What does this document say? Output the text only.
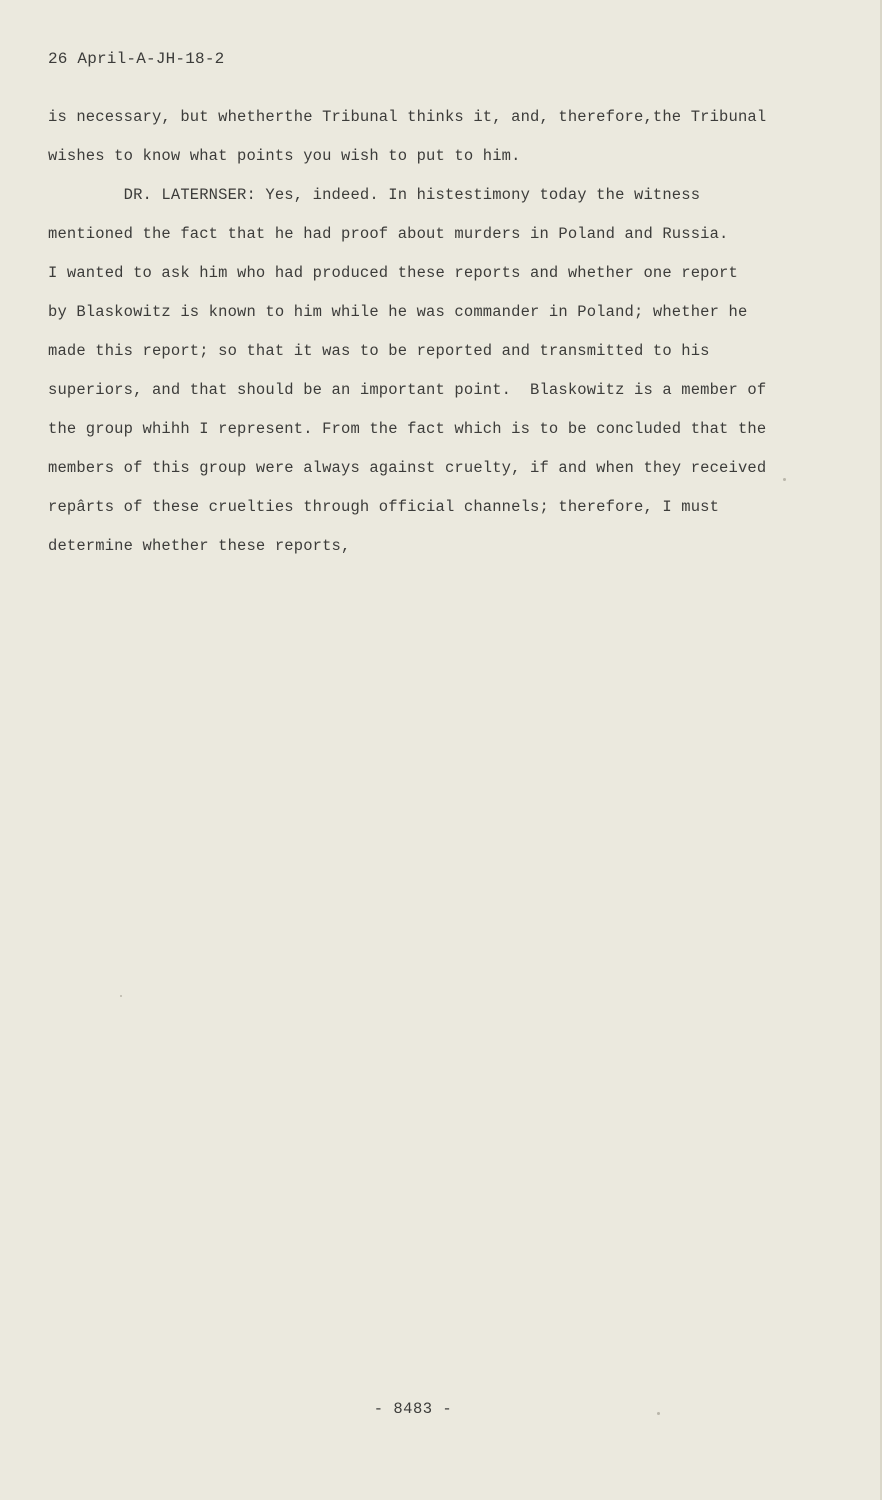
26 April-A-JH-18-2
is necessary, but whetherthe Tribunal thinks it, and, therefore,the Tribunal
wishes to know what points you wish to put to him.
DR. LATERNSER: Yes, indeed. In histestimony today the witness
mentioned the fact that he had proof about murders in Poland and Russia.
I wanted to ask him who had produced these reports and whether one report
by Blaskowitz is known to him while he was commander in Poland; whether he
made this report; so that it was to be reported and transmitted to his
superiors, and that should be an important point.  Blaskowitz is a member of
the group whihh I represent. From the fact which is to be concluded that the
members of this group were always against cruelty, if and when they received
repârts of these cruelties through official channels; therefore, I must
determine whether these reports,
- 8483 -
